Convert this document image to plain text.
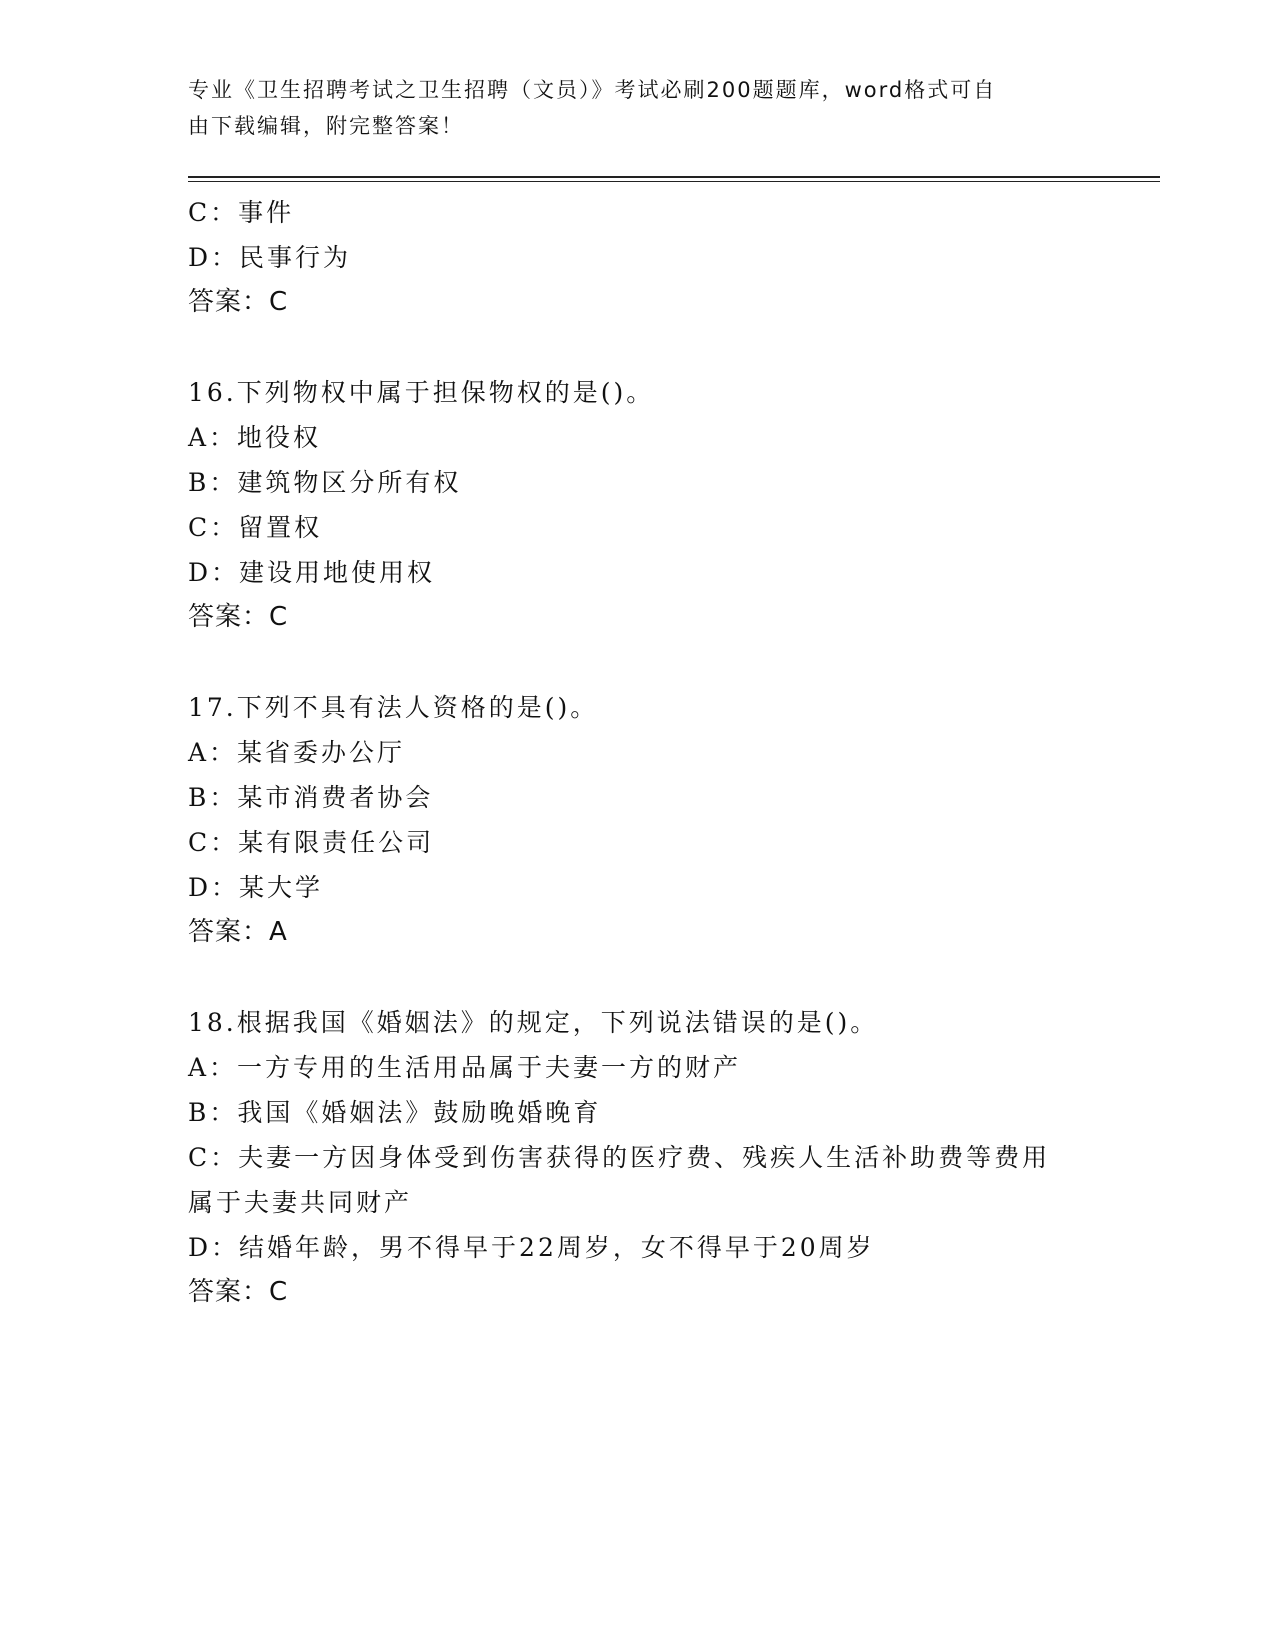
专业《卫生招聘考试之卫生招聘（文员）》考试必刷200题题库，word格式可自
由下载编辑，附完整答案！
C：事件
D：民事行为
答案：C
16.下列物权中属于担保物权的是()。
A：地役权
B：建筑物区分所有权
C：留置权
D：建设用地使用权
答案：C
17.下列不具有法人资格的是()。
A：某省委办公厅
B：某市消费者协会
C：某有限责任公司
D：某大学
答案：A
18.根据我国《婚姻法》的规定，下列说法错误的是()。
A：一方专用的生活用品属于夫妻一方的财产
B：我国《婚姻法》鼓励晚婚晚育
C：夫妻一方因身体受到伤害获得的医疗费、残疾人生活补助费等费用
属于夫妻共同财产
D：结婚年龄，男不得早于22周岁，女不得早于20周岁
答案：C
